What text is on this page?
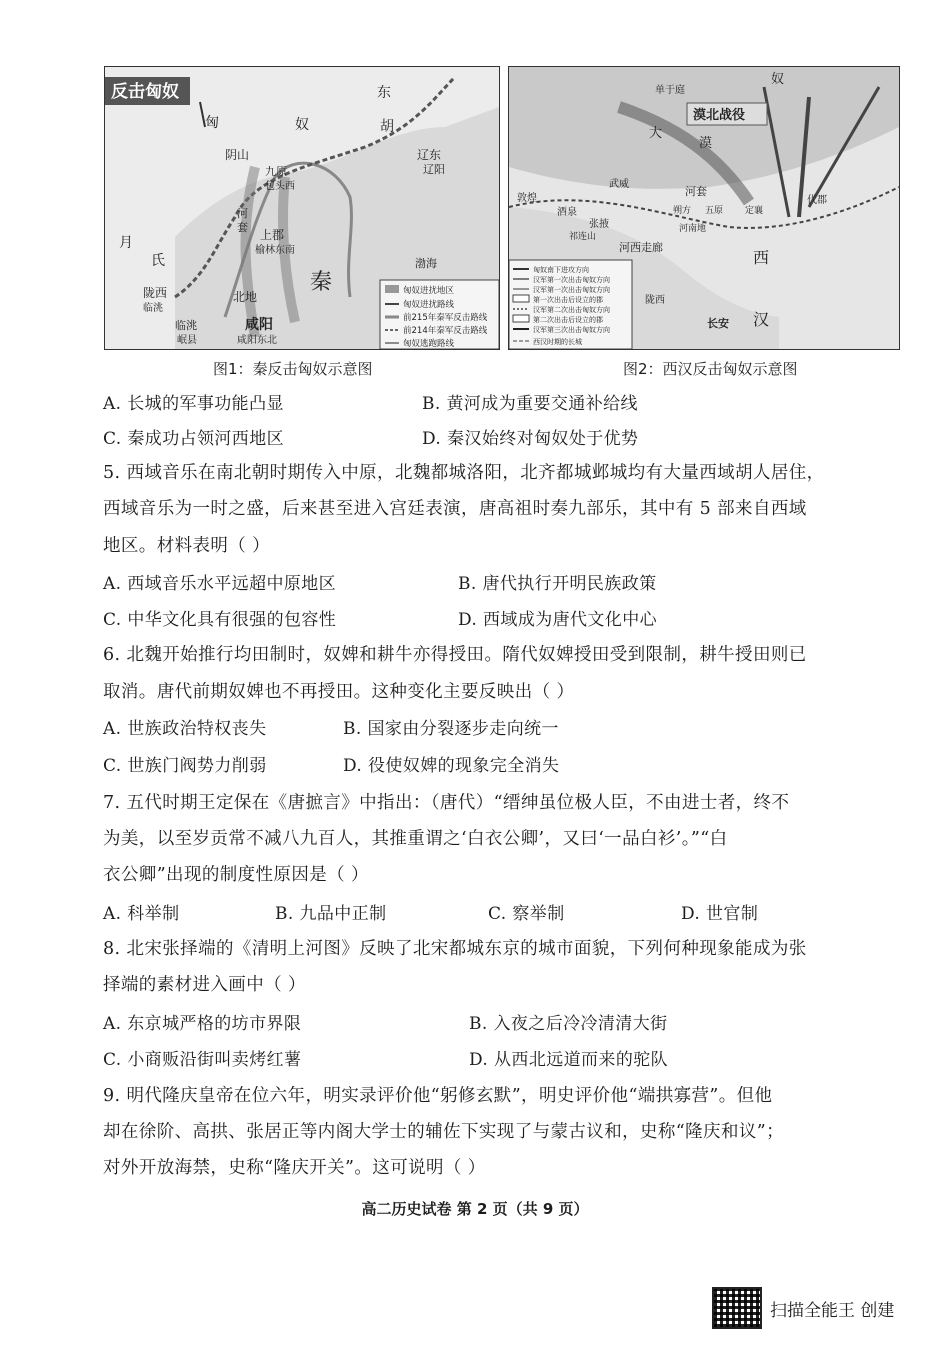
反击匈奴
匈	奴
东
胡
阴山
九原
包头西
辽东
辽阳
上郡
榆林东南
秦
月
氏
陇西
临洮
北地
咸阳
咸阳东北
临洮
岷县
渤海
河
套
匈奴进扰地区
匈奴进扰路线
前215年秦军反击路线
前214年秦军反击路线
匈奴逃跑路线
漠北战役
奴
单于庭
大
漠
敦煌
酒泉
张掖
武威
河西走廊
河套
朔方 五原 定襄
代郡
西
汉
长安
陇西
祁连山
河南地
匈奴南下进攻方向
汉军第一次出击匈奴方向
汉军第一次出击匈奴方向
第一次出击后设立的郡
汉军第二次出击匈奴方向
第二次出击后设立的郡
汉军第三次出击匈奴方向
西汉时期的长城
图1：秦反击匈奴示意图	图2：西汉反击匈奴示意图
A. 长城的军事功能凸显	B. 黄河成为重要交通补给线
C. 秦成功占领河西地区	D. 秦汉始终对匈奴处于优势
5. 西域音乐在南北朝时期传入中原，北魏都城洛阳，北齐都城邺城均有大量西域胡人居住，
西域音乐为一时之盛，后来甚至进入宫廷表演，唐高祖时奏九部乐，其中有 5 部来自西域
地区。材料表明（ ）
A. 西域音乐水平远超中原地区	B. 唐代执行开明民族政策
C. 中华文化具有很强的包容性	D. 西域成为唐代文化中心
6. 北魏开始推行均田制时，奴婢和耕牛亦得授田。隋代奴婢授田受到限制，耕牛授田则已
取消。唐代前期奴婢也不再授田。这种变化主要反映出（ ）
A. 世族政治特权丧失	B. 国家由分裂逐步走向统一
C. 世族门阀势力削弱	D. 役使奴婢的现象完全消失
7. 五代时期王定保在《唐摭言》中指出：（唐代）“缙绅虽位极人臣，不由进士者，终不
为美，以至岁贡常不减八九百人，其推重谓之‘白衣公卿’，又曰‘一品白衫’。”“白
衣公卿”出现的制度性原因是（ ）
A. 科举制	B. 九品中正制	C. 察举制	D. 世官制
8. 北宋张择端的《清明上河图》反映了北宋都城东京的城市面貌，下列何种现象能成为张
择端的素材进入画中（ ）
A. 东京城严格的坊市界限	B. 入夜之后冷冷清清大街
C. 小商贩沿街叫卖烤红薯	D. 从西北远道而来的驼队
9. 明代隆庆皇帝在位六年，明实录评价他“躬修玄默”，明史评价他“端拱寡营”。但他
却在徐阶、高拱、张居正等内阁大学士的辅佐下实现了与蒙古议和，史称“隆庆和议”；
对外开放海禁，史称“隆庆开关”。这可说明（ ）
高二历史试卷 第 2 页（共 9 页）
扫描全能王 创建
